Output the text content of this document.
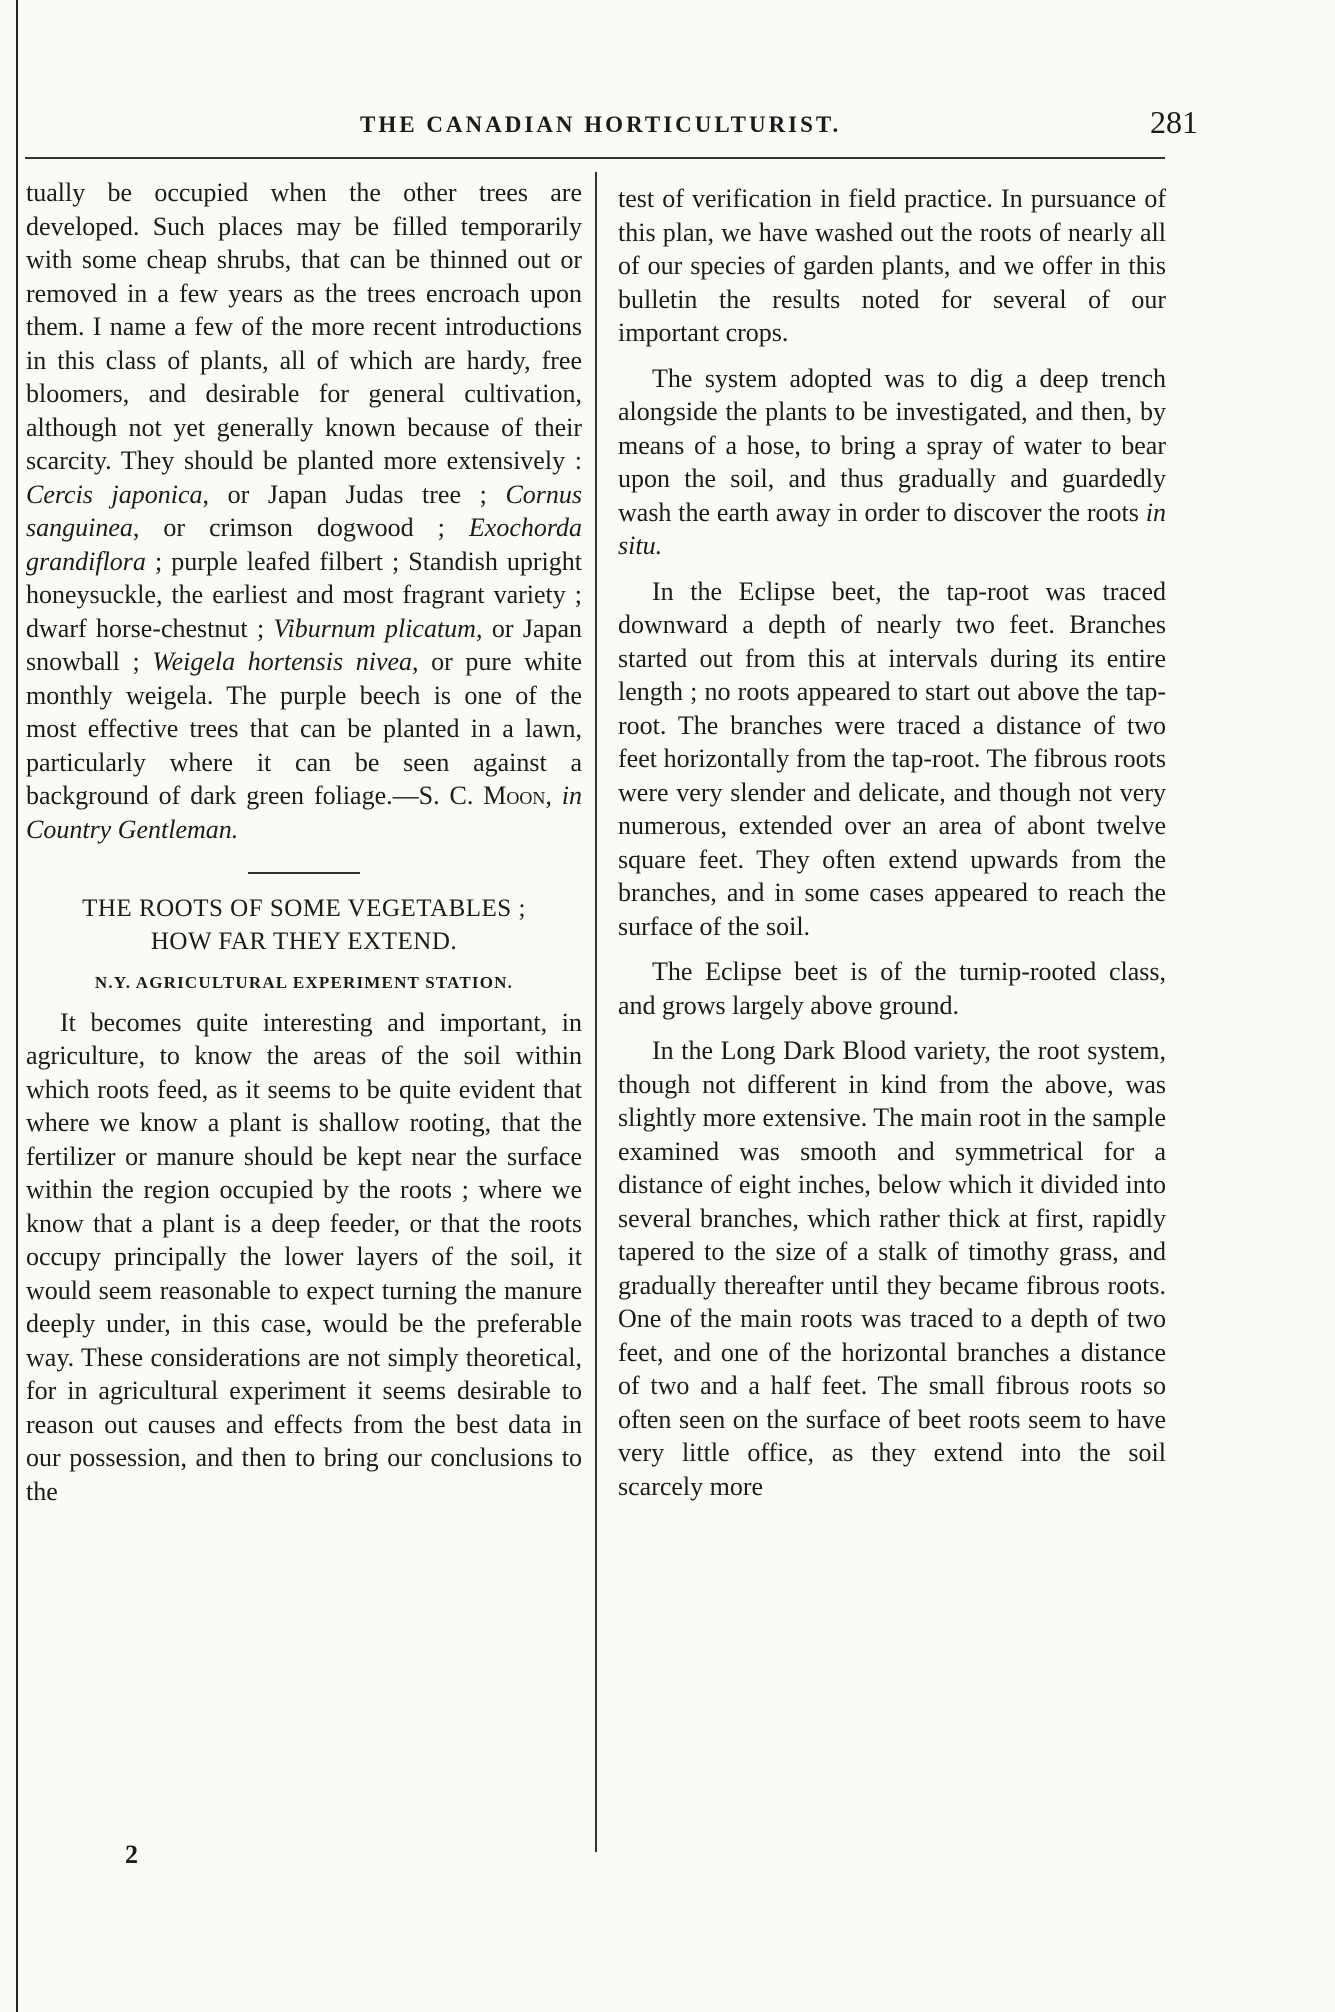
THE CANADIAN HORTICULTURIST.	281

tually be occupied when the other trees are developed. Such places may be filled temporarily with some cheap shrubs, that can be thinned out or removed in a few years as the trees encroach upon them. I name a few of the more recent introductions in this class of plants, all of which are hardy, free bloomers, and desirable for general cultivation, although not yet generally known because of their scarcity. They should be planted more extensively : Cercis japonica, or Japan Judas tree ; Cornus sanguinea, or crimson dogwood ; Exochorda grandiflora ; purple leafed filbert ; Standish upright honeysuckle, the earliest and most fragrant variety ; dwarf horse-chestnut ; Viburnum plicatum, or Japan snowball ; Weigela hortensis nivea, or pure white monthly weigela. The purple beech is one of the most effective trees that can be planted in a lawn, particularly where it can be seen against a background of dark green foliage.—S. C. Moon, in Country Gentleman.

THE ROOTS OF SOME VEGETABLES ;
HOW FAR THEY EXTEND.

N.Y. AGRICULTURAL EXPERIMENT STATION.

It becomes quite interesting and important, in agriculture, to know the areas of the soil within which roots feed, as it seems to be quite evident that where we know a plant is shallow rooting, that the fertilizer or manure should be kept near the surface within the region occupied by the roots ; where we know that a plant is a deep feeder, or that the roots occupy principally the lower layers of the soil, it would seem reasonable to expect turning the manure deeply under, in this case, would be the preferable way. These considerations are not simply theoretical, for in agricultural experiment it seems desirable to reason out causes and effects from the best data in our possession, and then to bring our conclusions to the

2

test of verification in field practice. In pursuance of this plan, we have washed out the roots of nearly all of our species of garden plants, and we offer in this bulletin the results noted for several of our important crops.

The system adopted was to dig a deep trench alongside the plants to be investigated, and then, by means of a hose, to bring a spray of water to bear upon the soil, and thus gradually and guardedly wash the earth away in order to discover the roots in situ.

In the Eclipse beet, the tap-root was traced downward a depth of nearly two feet. Branches started out from this at intervals during its entire length ; no roots appeared to start out above the tap-root. The branches were traced a distance of two feet horizontally from the tap-root. The fibrous roots were very slender and delicate, and though not very numerous, extended over an area of abont twelve square feet. They often extend upwards from the branches, and in some cases appeared to reach the surface of the soil.

The Eclipse beet is of the turnip-rooted class, and grows largely above ground.

In the Long Dark Blood variety, the root system, though not different in kind from the above, was slightly more extensive. The main root in the sample examined was smooth and symmetrical for a distance of eight inches, below which it divided into several branches, which rather thick at first, rapidly tapered to the size of a stalk of timothy grass, and gradually thereafter until they became fibrous roots. One of the main roots was traced to a depth of two feet, and one of the horizontal branches a distance of two and a half feet. The small fibrous roots so often seen on the surface of beet roots seem to have very little office, as they extend into the soil scarcely more
